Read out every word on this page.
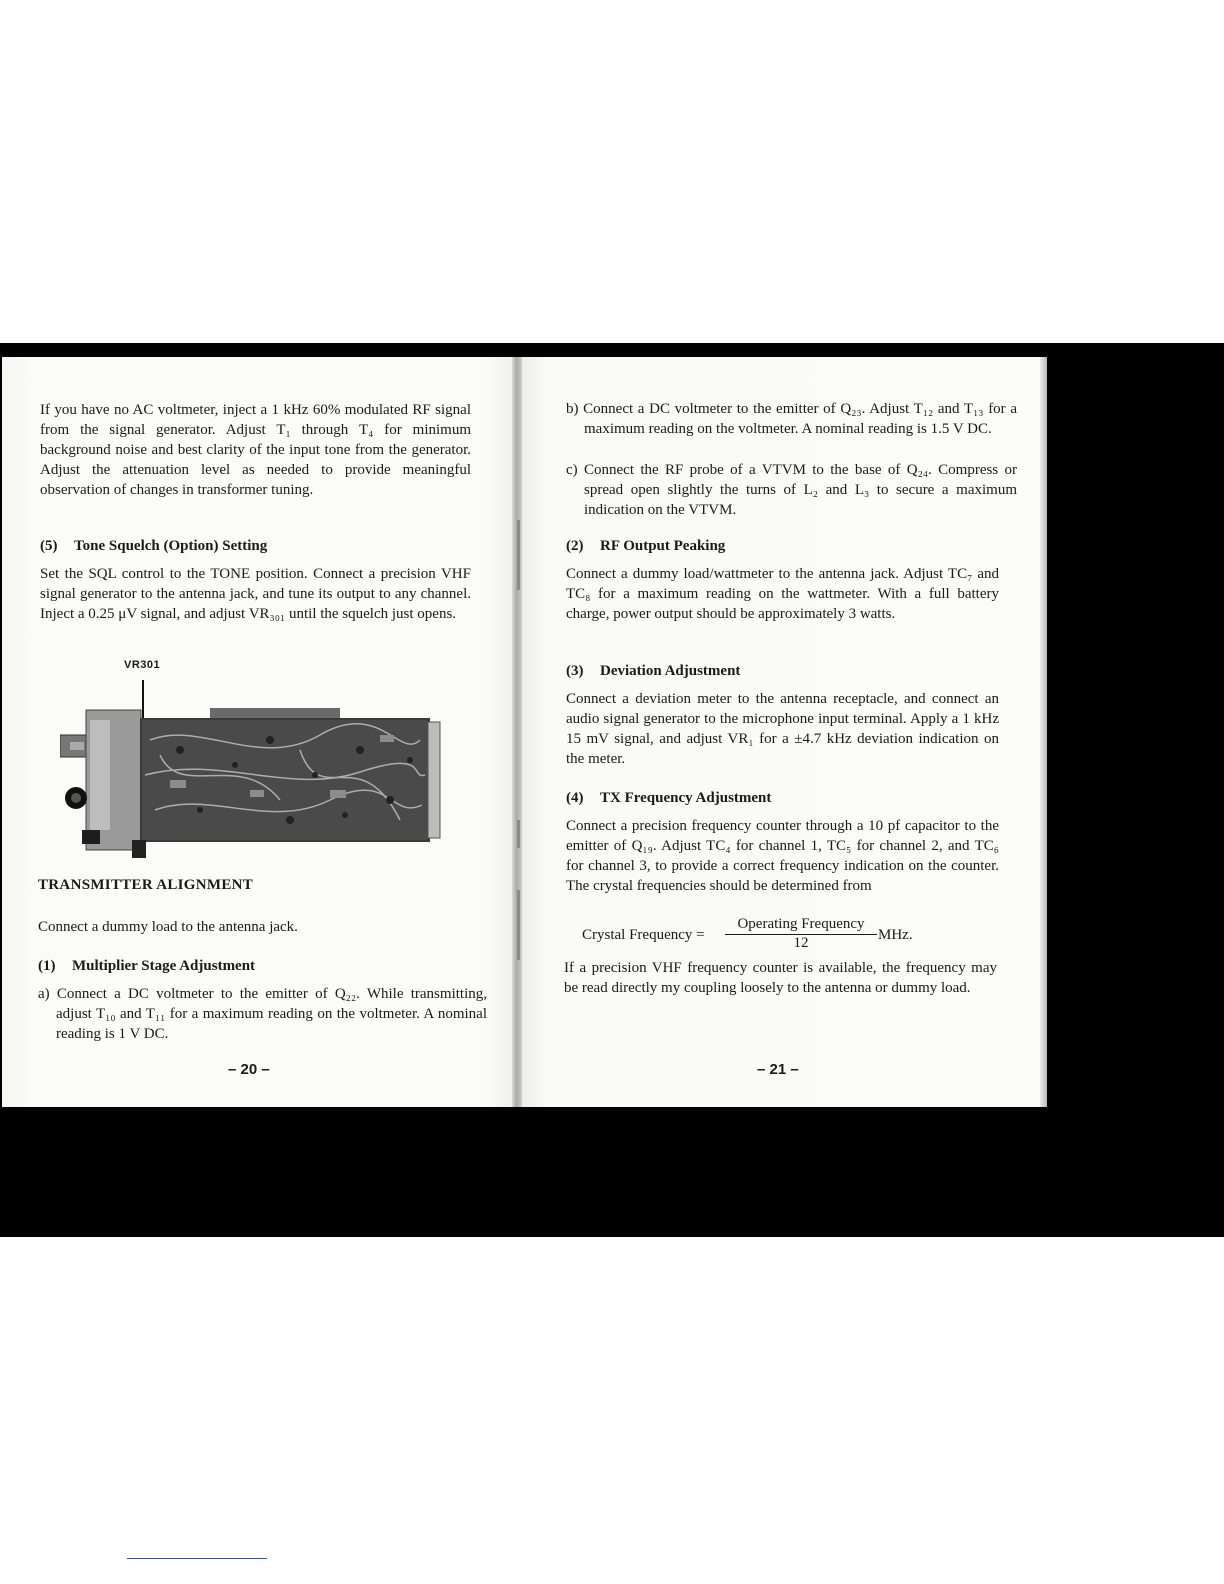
If you have no AC voltmeter, inject a 1 kHz 60% modulated RF signal from the signal generator. Adjust T₁ through T₄ for minimum background noise and best clarity of the input tone from the generator. Adjust the attenuation level as needed to provide meaningful observation of changes in transformer tuning.

(5) Tone Squelch (Option) Setting

Set the SQL control to the TONE position. Connect a precision VHF signal generator to the antenna jack, and tune its output to any channel. Inject a 0.25 μV signal, and adjust VR₃₀₁ until the squelch just opens.

VR301
TRANSMITTER ALIGNMENT

Connect a dummy load to the antenna jack.

(1) Multiplier Stage Adjustment

a) Connect a DC voltmeter to the emitter of Q₂₂. While transmitting, adjust T₁₀ and T₁₁ for a maximum reading on the voltmeter. A nominal reading is 1 V DC.

– 20 –

b) Connect a DC voltmeter to the emitter of Q₂₃. Adjust T₁₂ and T₁₃ for a maximum reading on the voltmeter. A nominal reading is 1.5 V DC.

c) Connect the RF probe of a VTVM to the base of Q₂₄. Compress or spread open slightly the turns of L₂ and L₃ to secure a maximum indication on the VTVM.

(2) RF Output Peaking

Connect a dummy load/wattmeter to the antenna jack. Adjust TC₇ and TC₈ for a maximum reading on the wattmeter. With a full battery charge, power output should be approximately 3 watts.

(3) Deviation Adjustment

Connect a deviation meter to the antenna receptacle, and connect an audio signal generator to the microphone input terminal. Apply a 1 kHz 15 mV signal, and adjust VR₁ for a ±4.7 kHz deviation indication on the meter.

(4) TX Frequency Adjustment

Connect a precision frequency counter through a 10 pf capacitor to the emitter of Q₁₉. Adjust TC₄ for channel 1, TC₅ for channel 2, and TC₆ for channel 3, to provide a correct frequency indication on the counter. The crystal frequencies should be determined from

Crystal Frequency =
Operating Frequency
12	MHz.

If a precision VHF frequency counter is available, the frequency may be read directly my coupling loosely to the antenna or dummy load.

– 21 –
